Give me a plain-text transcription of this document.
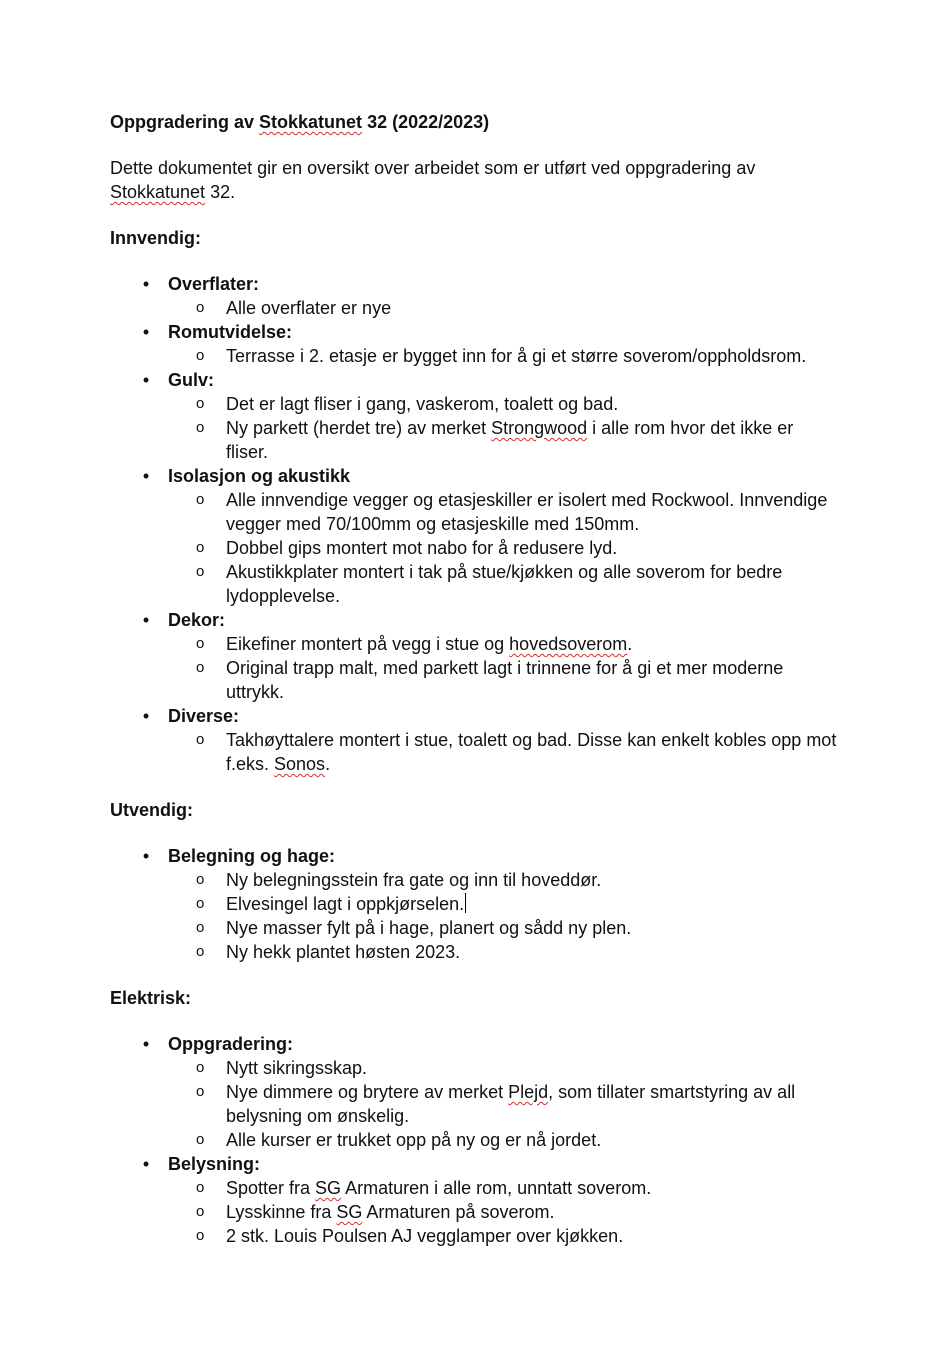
Oppgradering av Stokkatunet 32 (2022/2023)
Dette dokumentet gir en oversikt over arbeidet som er utført ved oppgradering av Stokkatunet 32.
Innvendig:
• Overflater:
o Alle overflater er nye
• Romutvidelse:
o Terrasse i 2. etasje er bygget inn for å gi et større soverom/oppholdsrom.
• Gulv:
o Det er lagt fliser i gang, vaskerom, toalett og bad.
o Ny parkett (herdet tre) av merket Strongwood i alle rom hvor det ikke er fliser.
• Isolasjon og akustikk
o Alle innvendige vegger og etasjeskiller er isolert med Rockwool. Innvendige vegger med 70/100mm og etasjeskille med 150mm.
o Dobbel gips montert mot nabo for å redusere lyd.
o Akustikkplater montert i tak på stue/kjøkken og alle soverom for bedre lydopplevelse.
• Dekor:
o Eikefiner montert på vegg i stue og hovedsoverom.
o Original trapp malt, med parkett lagt i trinnene for å gi et mer moderne uttrykk.
• Diverse:
o Takhøyttalere montert i stue, toalett og bad. Disse kan enkelt kobles opp mot f.eks. Sonos.
Utvendig:
• Belegning og hage:
o Ny belegningsstein fra gate og inn til hoveddør.
o Elvesingel lagt i oppkjørselen.
o Nye masser fylt på i hage, planert og sådd ny plen.
o Ny hekk plantet høsten 2023.
Elektrisk:
• Oppgradering:
o Nytt sikringsskap.
o Nye dimmere og brytere av merket Plejd, som tillater smartstyring av all belysning om ønskelig.
o Alle kurser er trukket opp på ny og er nå jordet.
• Belysning:
o Spotter fra SG Armaturen i alle rom, unntatt soverom.
o Lysskinne fra SG Armaturen på soverom.
o 2 stk. Louis Poulsen AJ vegglamper over kjøkken.
